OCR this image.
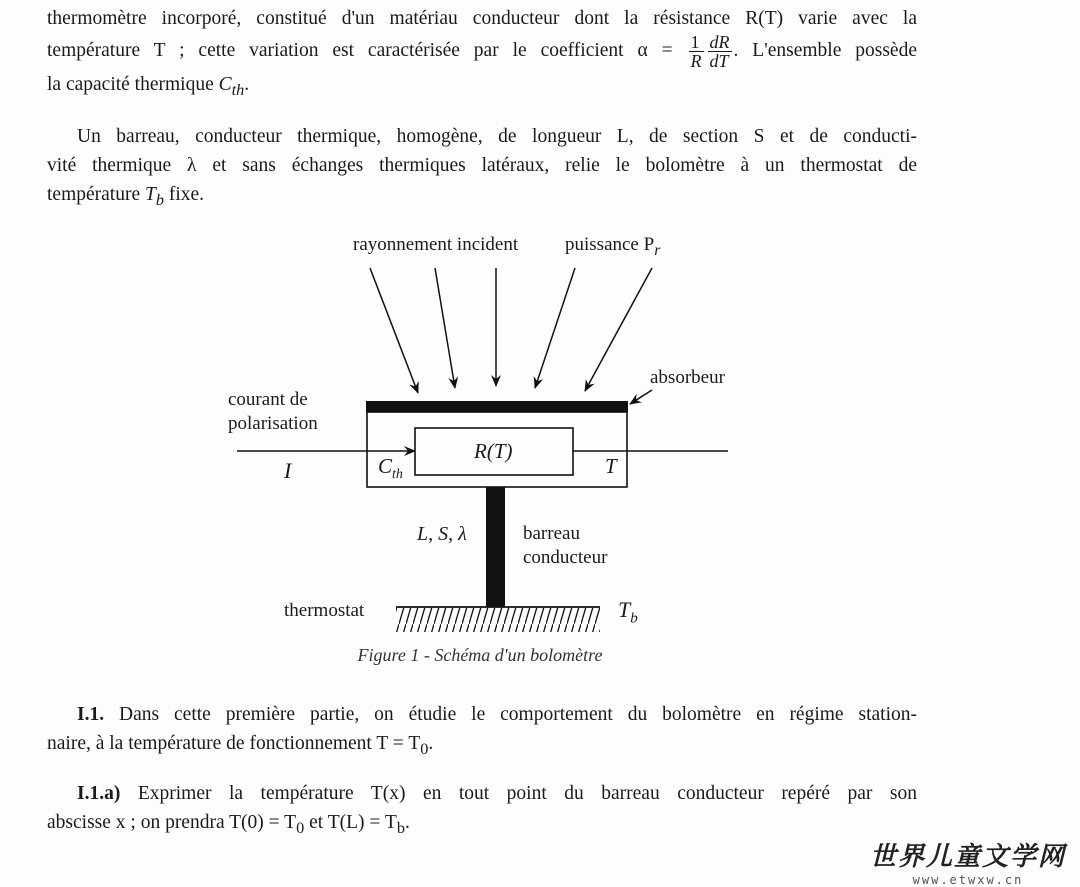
thermomètre incorporé, constitué d'un matériau conducteur dont la résistance R(T) varie avec la
température T ; cette variation est caractérisée par le coefficient $\alpha = \frac{1}{R} \frac{dR}{dT}$ . L'ensemble possède
la capacité thermique $C_{th}$.
Un barreau, conducteur thermique, homogène, de longueur L, de section S et de conducti-
vité thermique λ et sans échanges thermiques latéraux, relie le bolomètre à un thermostat de
température $T_b$ fixe.
rayonnement incident puissance $P_r$
absorbeur
courant de
polarisation
I	$C_{th}$
R(T)
T
L, S, λ	barreau
conducteur
thermostat	$T_b$
Figure 1 - Schéma d'un bolomètre
I.1. Dans cette première partie, on étudie le comportement du bolomètre en régime station-
naire, à la température de fonctionnement $T = T_0$.
I.1.a) Exprimer la température T(x) en tout point du barreau conducteur repéré par son
abscisse x ; on prendra $T(0) = T_0$ et $T(L) = T_b$.
世界儿童文学网
www.etwxw.cn
